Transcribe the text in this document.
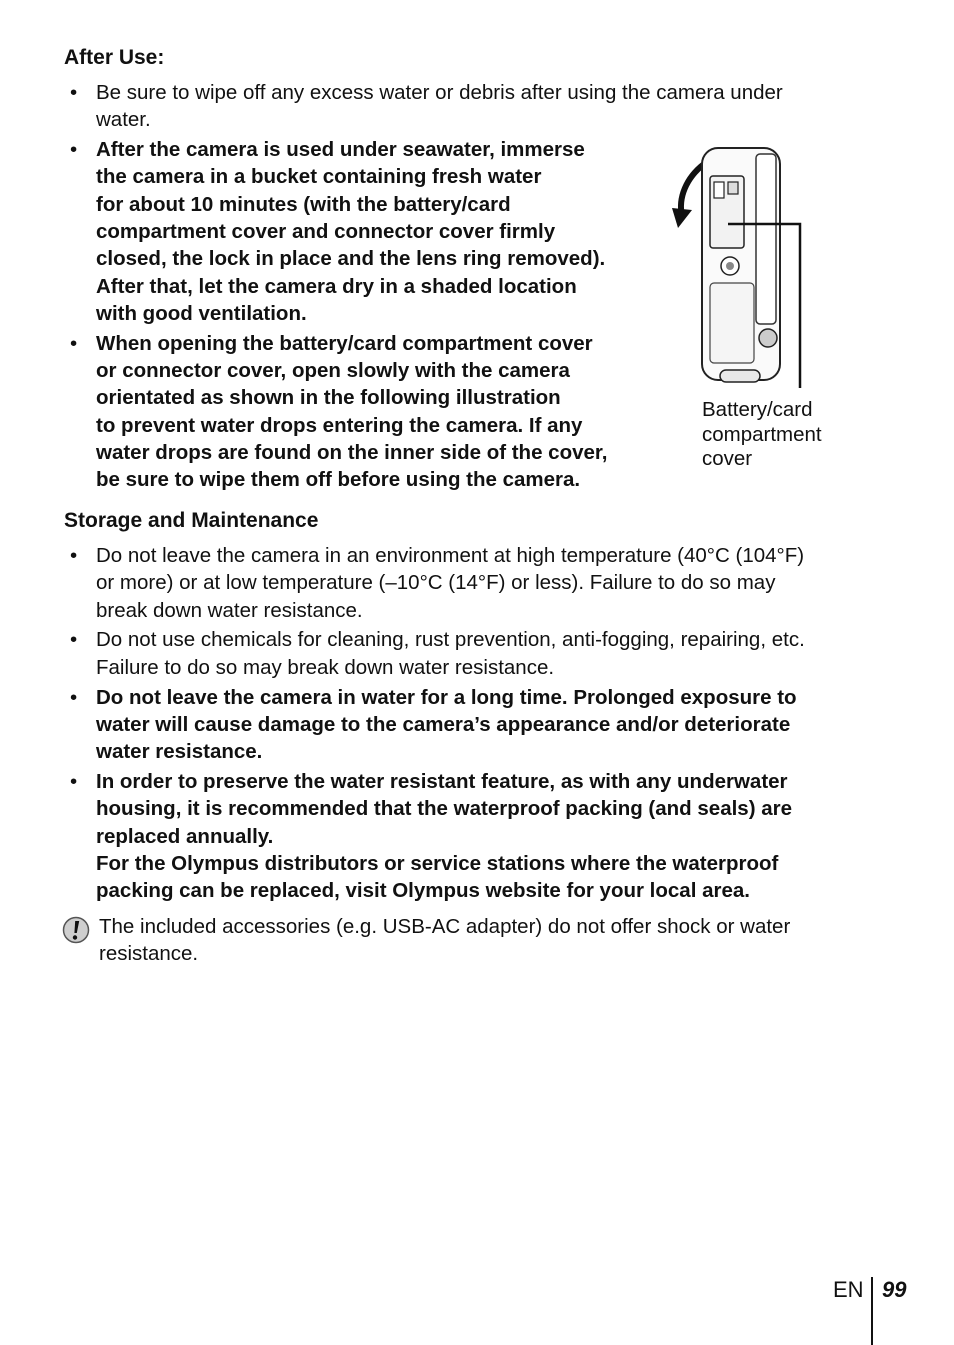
After Use:
• Be sure to wipe off any excess water or debris after using the camera under
water.
• After the camera is used under seawater, immerse
the camera in a bucket containing fresh water
for about 10 minutes (with the battery/card
compartment cover and connector cover firmly
closed, the lock in place and the lens ring removed).
After that, let the camera dry in a shaded location
with good ventilation.
• When opening the battery/card compartment cover
or connector cover, open slowly with the camera
orientated as shown in the following illustration
to prevent water drops entering the camera. If any
water drops are found on the inner side of the cover,
be sure to wipe them off before using the camera.
Battery/card
compartment
cover
Storage and Maintenance
• Do not leave the camera in an environment at high temperature (40°C (104°F)
or more) or at low temperature (–10°C (14°F) or less). Failure to do so may
break down water resistance.
• Do not use chemicals for cleaning, rust prevention, anti-fogging, repairing, etc.
Failure to do so may break down water resistance.
• Do not leave the camera in water for a long time. Prolonged exposure to
water will cause damage to the camera’s appearance and/or deteriorate
water resistance.
• In order to preserve the water resistant feature, as with any underwater
housing, it is recommended that the waterproof packing (and seals) are
replaced annually.
For the Olympus distributors or service stations where the waterproof
packing can be replaced, visit Olympus website for your local area.
The included accessories (e.g. USB-AC adapter) do not offer shock or water
resistance.
EN 99
